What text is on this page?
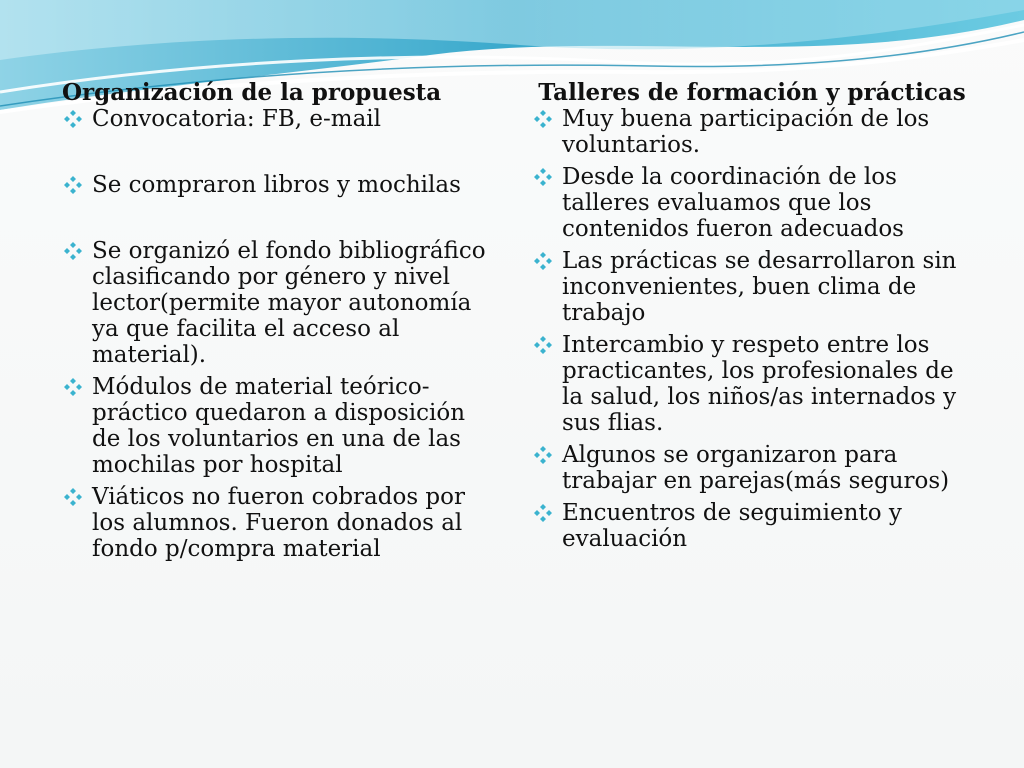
Organización de la propuesta
Convocatoria: FB, e-mail
Se compraron libros y mochilas
Se organizó el fondo bibliográfico clasificando por género y nivel lector(permite mayor autonomía ya que facilita el acceso al material).
Módulos de material teórico-práctico quedaron a disposición de los voluntarios en una de las mochilas por hospital
Viáticos no fueron cobrados por los alumnos. Fueron donados al fondo p/compra material
Talleres de formación y prácticas
Muy buena participación de los voluntarios.
Desde la coordinación de los talleres evaluamos que los contenidos fueron adecuados
Las prácticas se desarrollaron sin inconvenientes, buen clima de trabajo
Intercambio y respeto entre los practicantes, los profesionales de la salud, los niños/as internados y sus flias.
Algunos se organizaron para trabajar en parejas(más seguros)
Encuentros de seguimiento y evaluación
